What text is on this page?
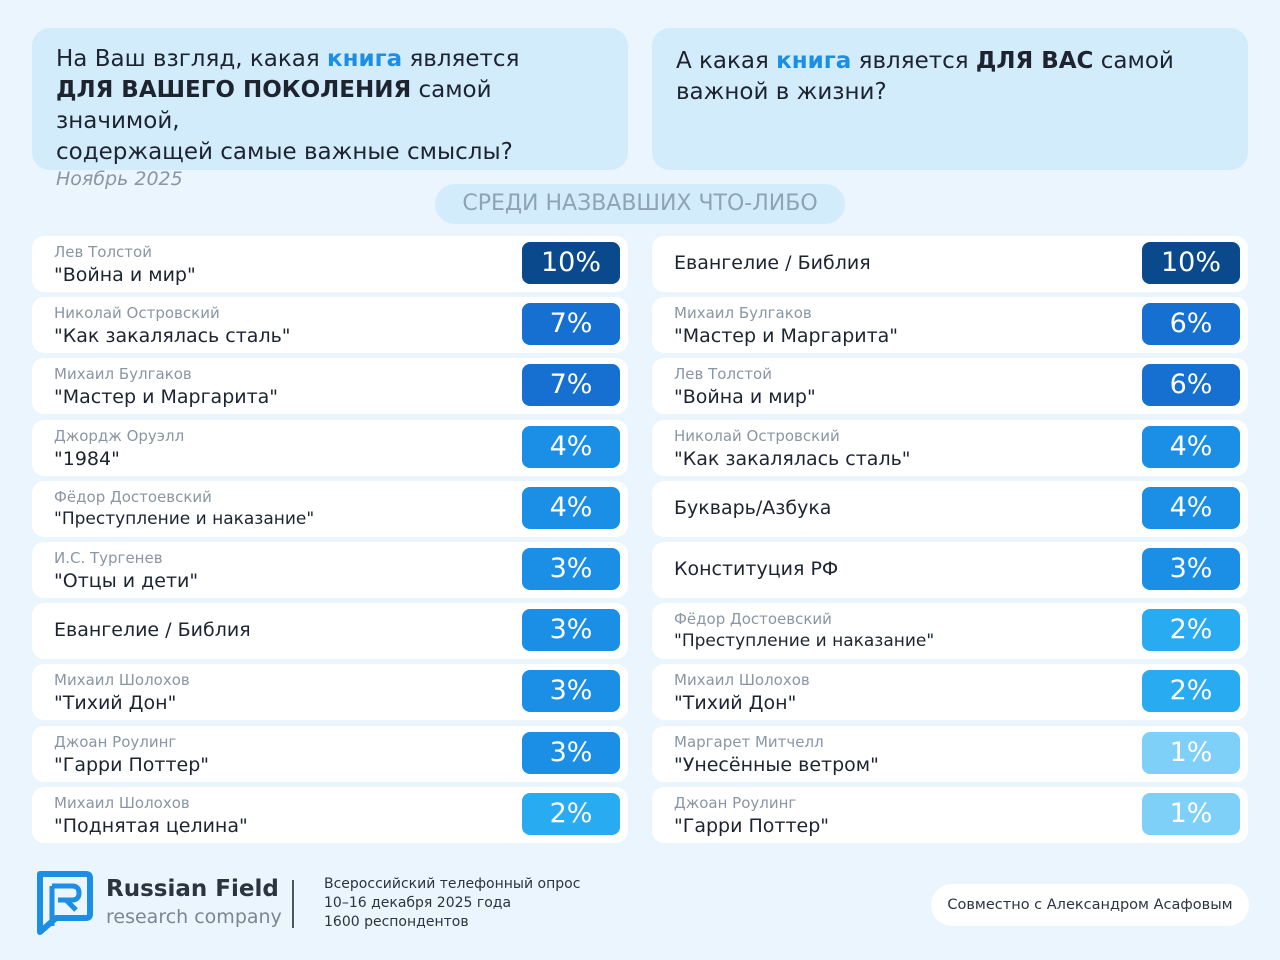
На Ваш взгляд, какая книга является
ДЛЯ ВАШЕГО ПОКОЛЕНИЯ самой значимой,
содержащей самые важные смыслы?
Ноябрь 2025
А какая книга является ДЛЯ ВАС самой
важной в жизни?
СРЕДИ НАЗВАВШИХ ЧТО-ЛИБО
Лев Толстой
"Война и мир"	10%
Николай Островский
"Как закалялась сталь"	7%
Михаил Булгаков
"Мастер и Маргарита"	7%
Джордж Оруэлл
"1984"	4%
Фёдор Достоевский
"Преступление и наказание"	4%
И.С. Тургенев
"Отцы и дети"	3%
Евангелие / Библия	3%
Михаил Шолохов
"Тихий Дон"	3%
Джоан Роулинг
"Гарри Поттер"	3%
Михаил Шолохов
"Поднятая целина"	2%
Евангелие / Библия	10%
Михаил Булгаков
"Мастер и Маргарита"	6%
Лев Толстой
"Война и мир"	6%
Николай Островский
"Как закалялась сталь"	4%
Букварь/Азбука	4%
Конституция РФ	3%
Фёдор Достоевский
"Преступление и наказание"	2%
Михаил Шолохов
"Тихий Дон"	2%
Маргарет Митчелл
"Унесённые ветром"	1%
Джоан Роулинг
"Гарри Поттер"	1%
Russian Field
research company
Всероссийский телефонный опрос
10–16 декабря 2025 года
1600 респондентов
Совместно с Александром Асафовым
